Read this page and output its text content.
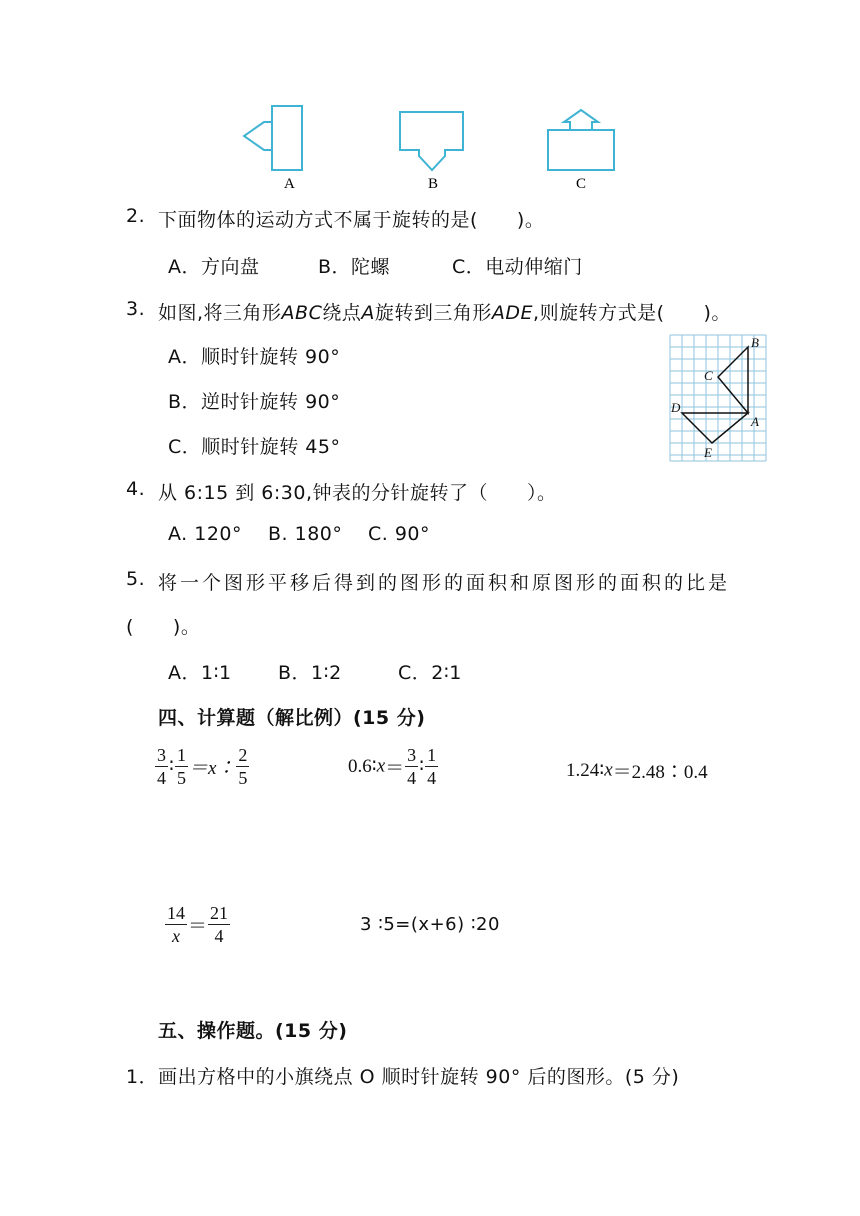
A	B	C
2. 下面物体的运动方式不属于旋转的是(　　)。
A．方向盘	B．陀螺	C．电动伸缩门
3. 如图,将三角形ABC绕点A旋转到三角形ADE,则旋转方式是(　　)。
A．顺时针旋转 90°
B．逆时针旋转 90°
C．顺时针旋转 45°
B
C
D
A
E
4. 从 6:15 到 6:30,钟表的分针旋转了（　　）。
A. 120° B. 180° C. 90°
5. 将一个图形平移后得到的图形的面积和原图形的面积的比是
(　　)。
A．1∶1 B．1∶2	C．2∶1
四、计算题（解比例）(15 分)
$\frac{3}{4}$ ∶ $\frac{1}{5}$ ＝x∶ $\frac{2}{5}$	0.6∶x＝ $\frac{3}{4}$ ∶ $\frac{1}{4}$	1.24∶x＝2.48∶0.4
$\frac{14}{x} = \frac{21}{4}$	3 ∶5=(x+6) ∶20
五、操作题。(15 分)
1．画出方格中的小旗绕点 O 顺时针旋转 90° 后的图形。(5 分)
